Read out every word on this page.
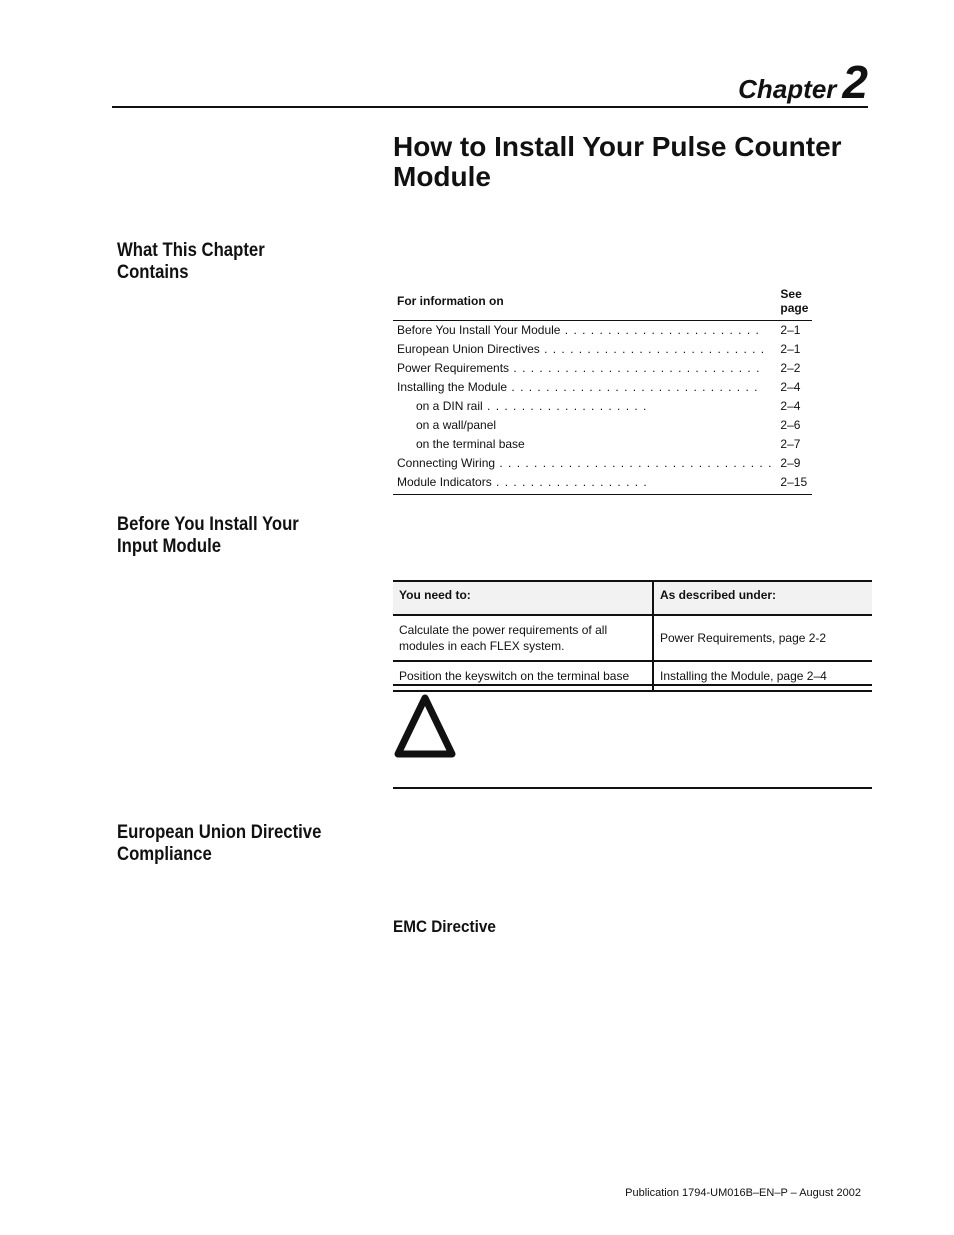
Chapter 2
How to Install Your Pulse Counter Module
What This Chapter Contains
For information on	See page
Before You Install Your Module . . . . . . . . . . . . . . . . . . . . . . .	2–1
European Union Directives . . . . . . . . . . . . . . . . . . . . . . . . . .	2–1
Power Requirements . . . . . . . . . . . . . . . . . . . . . . . . . . . . .	2–2
Installing the Module . . . . . . . . . . . . . . . . . . . . . . . . . . . . .	2–4
on a DIN rail . . . . . . . . . . . . . . . . . . .	2–4
on a wall/panel	2–6
on the terminal base	2–7
Connecting Wiring . . . . . . . . . . . . . . . . . . . . . . . . . . . . . . . .	2–9
Module Indicators . . . . . . . . . . . . . . . . . .	2–15
Before You Install Your Input Module
You need to:	As described under:
Calculate the power requirements of all modules in each FLEX system.	Power Requirements, page 2-2
Position the keyswitch on the terminal base	Installing the Module, page 2–4
European Union Directive Compliance
EMC Directive
Publication 1794-UM016B–EN–P – August 2002
